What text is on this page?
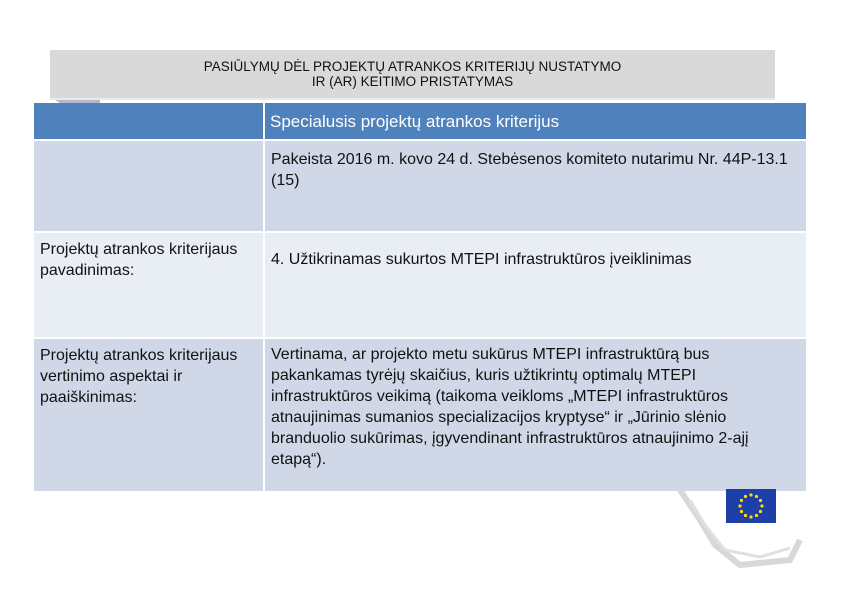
PASIŪLYMŲ DĖL PROJEKTŲ ATRANKOS KRITERIJŲ NUSTATYMO
IR (AR) KEITIMO PRISTATYMAS
Specialusis projektų atrankos kriterijus
Pakeista 2016 m. kovo 24 d. Stebėsenos komiteto nutarimu Nr. 44P-13.1 (15)
Projektų atrankos kriterijaus pavadinimas:
4. Užtikrinamas sukurtos MTEPI infrastruktūros įveiklinimas
Projektų atrankos kriterijaus vertinimo aspektai ir paaiškinimas:
Vertinama, ar projekto metu sukūrus MTEPI infrastruktūrą bus pakankamas tyrėjų skaičius, kuris užtikrintų optimalų MTEPI infrastruktūros veikimą (taikoma veikloms „MTEPI infrastruktūros atnaujinimas sumanios specializacijos kryptyse“ ir „Jūrinio slėnio branduolio sukūrimas, įgyvendinant infrastruktūros atnaujinimo 2-ajį etapą“).
